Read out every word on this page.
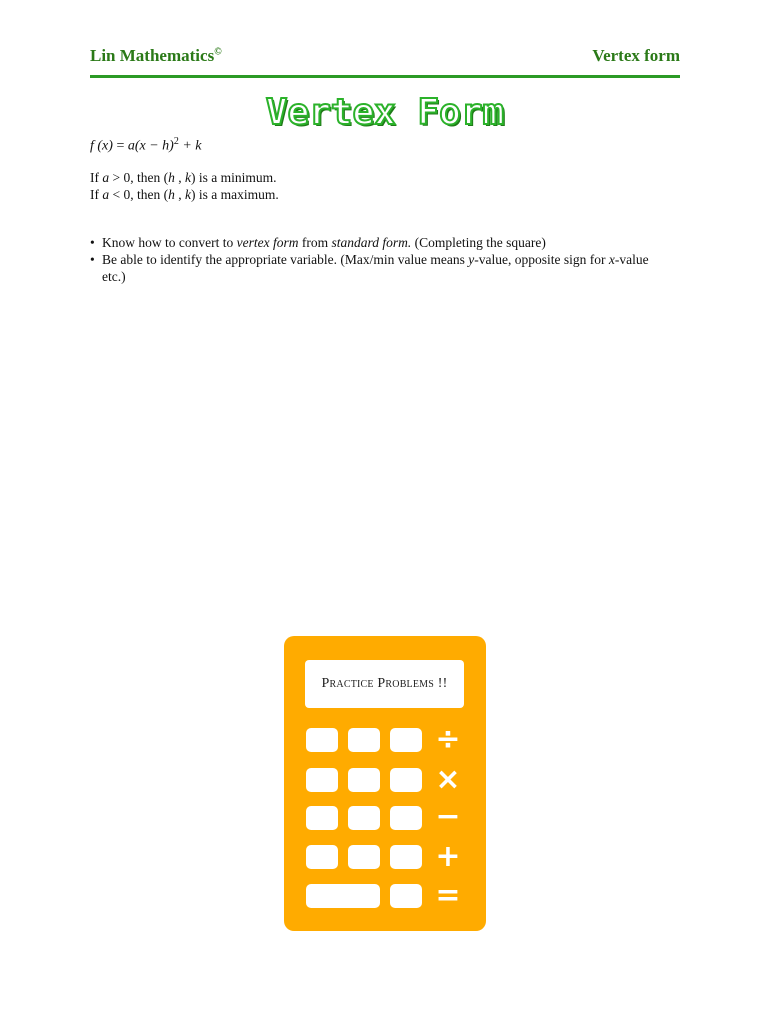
Lin Mathematics©	Vertex form
Vertex Form
f $(x) = a(x - h)^2 + k$
If a > 0, then (h , k) is a minimum.
If a < 0, then (h , k) is a maximum.
• Know how to convert to vertex form from standard form. (Completing the square)
• Be able to identify the appropriate variable. (Max/min value means y-value, opposite sign for x-value etc.)
Practice Problems !!
÷
×
−
+
=
